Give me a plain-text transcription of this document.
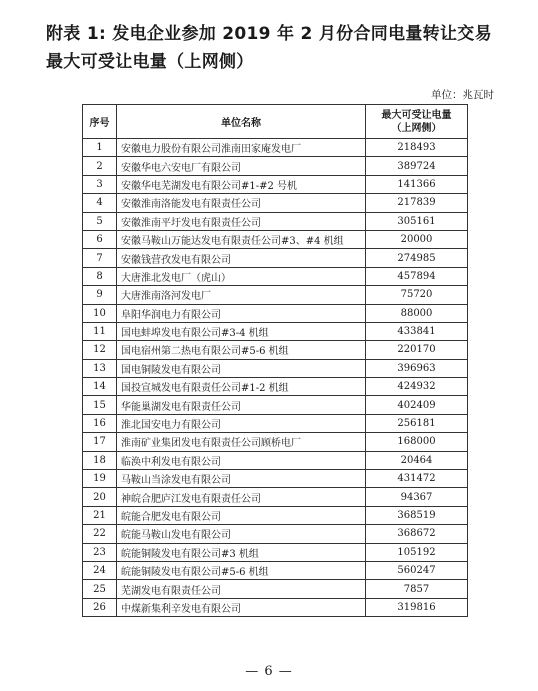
附表 1: 发电企业参加 2019 年 2 月份合同电量转让交易最大可受让电量（上网侧）
单位：兆瓦时
序号	单位名称	最大可受让电量
（上网侧）

1	安徽电力股份有限公司淮南田家庵发电厂	218493
2	安徽华电六安电厂有限公司	389724
3	安徽华电芜湖发电有限公司#1-#2 号机	141366
4	安徽淮南洛能发电有限责任公司	217839
5	安徽淮南平圩发电有限责任公司	305161
6	安徽马鞍山万能达发电有限责任公司#3、#4 机组	20000
7	安徽钱营孜发电有限公司	274985
8	大唐淮北发电厂（虎山）	457894
9	大唐淮南洛河发电厂	75720
10	阜阳华润电力有限公司	88000
11	国电蚌埠发电有限公司#3-4 机组	433841
12	国电宿州第二热电有限公司#5-6 机组	220170
13	国电铜陵发电有限公司	396963
14	国投宣城发电有限责任公司#1-2 机组	424932
15	华能巢湖发电有限责任公司	402409
16	淮北国安电力有限公司	256181
17	淮南矿业集团发电有限责任公司顾桥电厂	168000
18	临涣中利发电有限公司	20464
19	马鞍山当涂发电有限公司	431472
20	神皖合肥庐江发电有限责任公司	94367
21	皖能合肥发电有限公司	368519
22	皖能马鞍山发电有限公司	368672
23	皖能铜陵发电有限公司#3 机组	105192
24	皖能铜陵发电有限公司#5-6 机组	560247
25	芜湖发电有限责任公司	7857
26	中煤新集利辛发电有限公司	319816
— 6 —
